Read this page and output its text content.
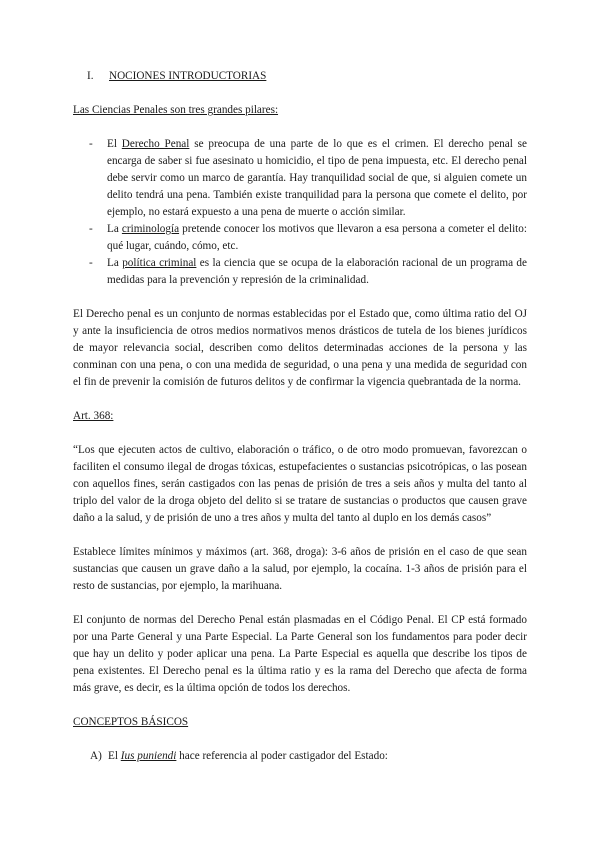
I.	NOCIONES INTRODUCTORIAS
Las Ciencias Penales son tres grandes pilares:
- El Derecho Penal se preocupa de una parte de lo que es el crimen. El derecho penal se encarga de saber si fue asesinato u homicidio, el tipo de pena impuesta, etc. El derecho penal debe servir como un marco de garantía. Hay tranquilidad social de que, si alguien comete un delito tendrá una pena. También existe tranquilidad para la persona que comete el delito, por ejemplo, no estará expuesto a una pena de muerte o acción similar.
- La criminología pretende conocer los motivos que llevaron a esa persona a cometer el delito: qué lugar, cuándo, cómo, etc.
- La política criminal es la ciencia que se ocupa de la elaboración racional de un programa de medidas para la prevención y represión de la criminalidad.

El Derecho penal es un conjunto de normas establecidas por el Estado que, como última ratio del OJ y ante la insuficiencia de otros medios normativos menos drásticos de tutela de los bienes jurídicos de mayor relevancia social, describen como delitos determinadas acciones de la persona y las conminan con una pena, o con una medida de seguridad, o una pena y una medida de seguridad con el fin de prevenir la comisión de futuros delitos y de confirmar la vigencia quebrantada de la norma.

Art. 368:

“Los que ejecuten actos de cultivo, elaboración o tráfico, o de otro modo promuevan, favorezcan o faciliten el consumo ilegal de drogas tóxicas, estupefacientes o sustancias psicotrópicas, o las posean con aquellos fines, serán castigados con las penas de prisión de tres a seis años y multa del tanto al triplo del valor de la droga objeto del delito si se tratare de sustancias o productos que causen grave daño a la salud, y de prisión de uno a tres años y multa del tanto al duplo en los demás casos”

Establece límites mínimos y máximos (art. 368, droga): 3-6 años de prisión en el caso de que sean sustancias que causen un grave daño a la salud, por ejemplo, la cocaína. 1-3 años de prisión para el resto de sustancias, por ejemplo, la marihuana.

El conjunto de normas del Derecho Penal están plasmadas en el Código Penal. El CP está formado por una Parte General y una Parte Especial. La Parte General son los fundamentos para poder decir que hay un delito y poder aplicar una pena. La Parte Especial es aquella que describe los tipos de pena existentes. El Derecho penal es la última ratio y es la rama del Derecho que afecta de forma más grave, es decir, es la última opción de todos los derechos.

CONCEPTOS BÁSICOS

A) El Ius puniendi hace referencia al poder castigador del Estado:
